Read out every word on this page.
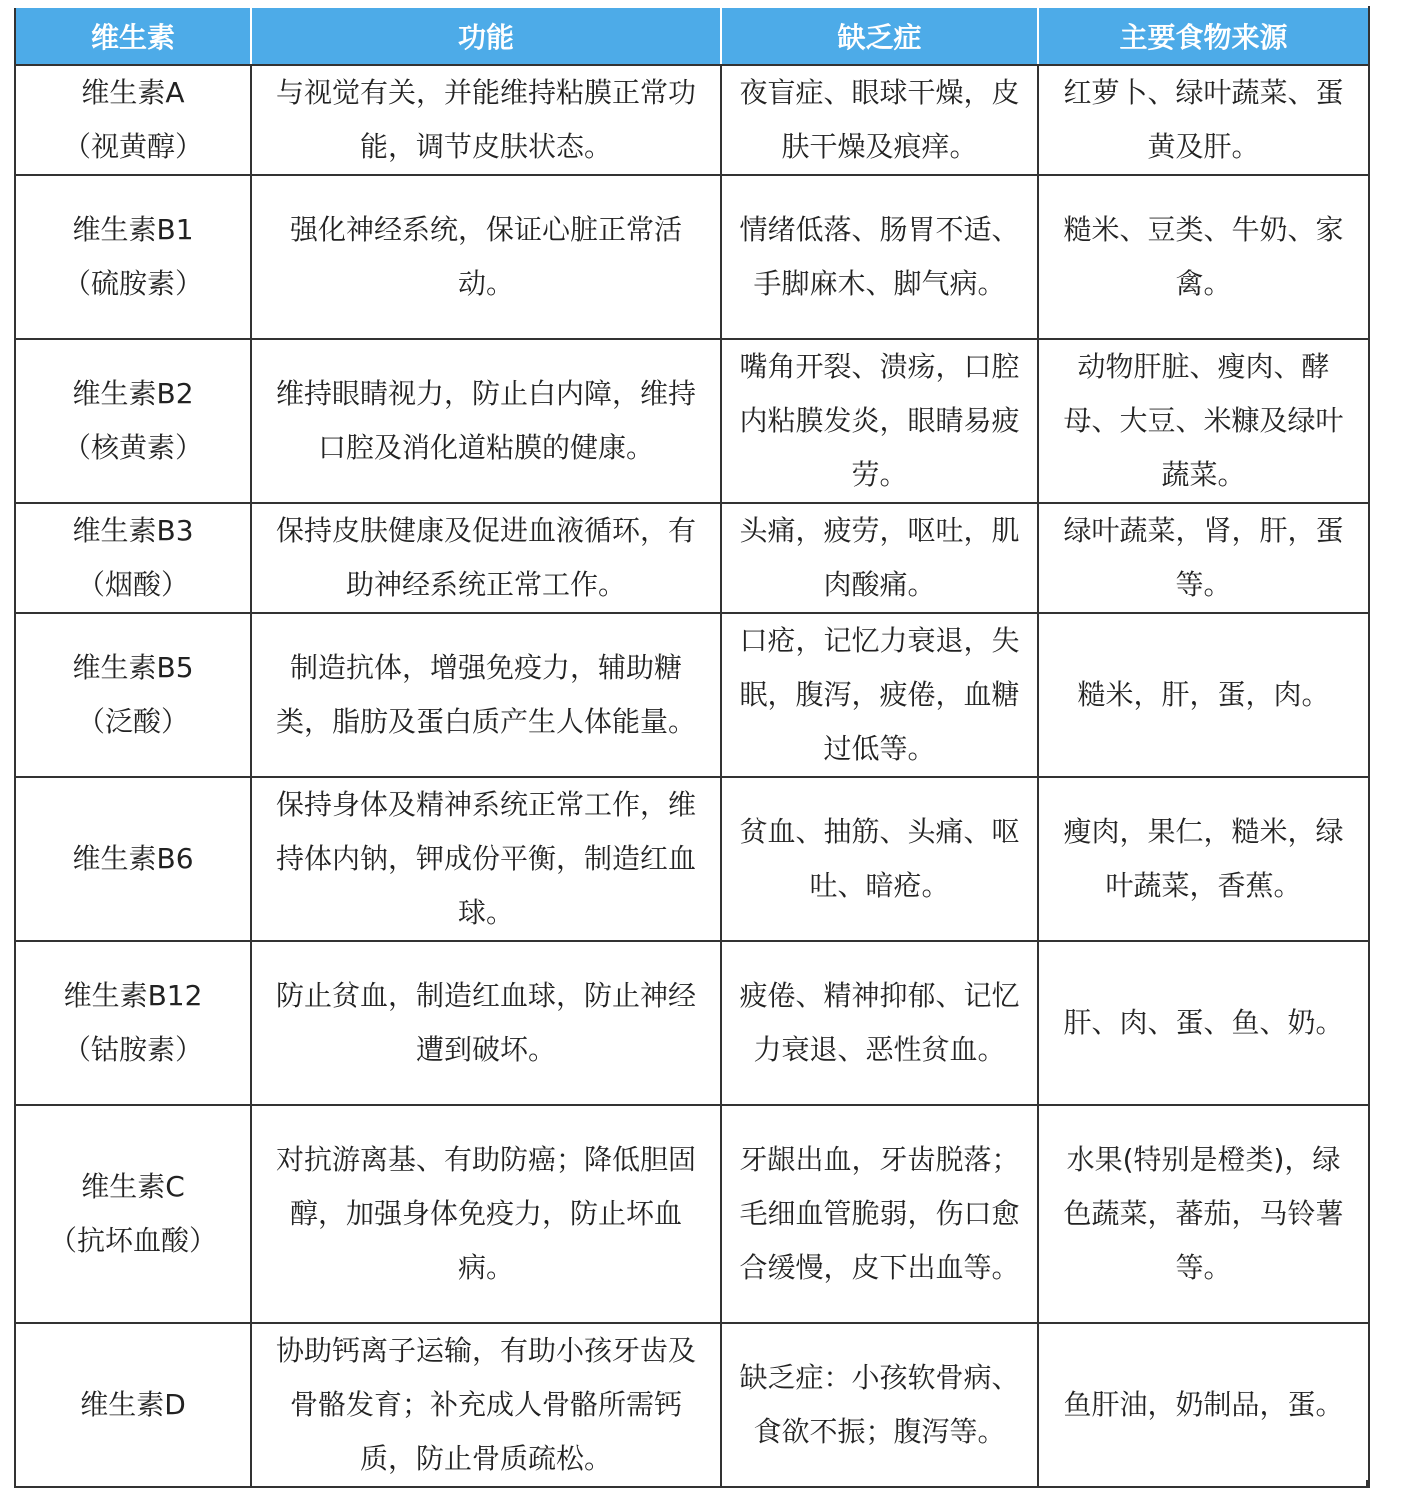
维生素	功能	缺乏症	主要食物来源

维生素A
（视黄醇）	与视觉有关，并能维持粘膜正常功能，调节皮肤状态。	夜盲症、眼球干燥，皮肤干燥及痕痒。	红萝卜、绿叶蔬菜、蛋黄及肝。

维生素B1
（硫胺素）	强化神经系统，保证心脏正常活动。	情绪低落、肠胃不适、手脚麻木、脚气病。	糙米、豆类、牛奶、家禽。

维生素B2
（核黄素）	维持眼睛视力，防止白内障，维持口腔及消化道粘膜的健康。	嘴角开裂、溃疡，口腔内粘膜发炎，眼睛易疲劳。	动物肝脏、瘦肉、酵母、大豆、米糠及绿叶蔬菜。

维生素B3
（烟酸）	保持皮肤健康及促进血液循环，有助神经系统正常工作。	头痛，疲劳，呕吐，肌肉酸痛。	绿叶蔬菜，肾，肝，蛋等。

维生素B5
（泛酸）	制造抗体，增强免疫力，辅助糖类，脂肪及蛋白质产生人体能量。	口疮，记忆力衰退，失眠，腹泻，疲倦，血糖过低等。	糙米，肝，蛋，肉。

维生素B6	保持身体及精神系统正常工作，维持体内钠，钾成份平衡，制造红血球。	贫血、抽筋、头痛、呕吐、暗疮。	瘦肉，果仁，糙米，绿叶蔬菜，香蕉。

维生素B12
（钴胺素）	防止贫血，制造红血球，防止神经遭到破坏。	疲倦、精神抑郁、记忆力衰退、恶性贫血。	肝、肉、蛋、鱼、奶。

维生素C
（抗坏血酸）	对抗游离基、有助防癌；降低胆固醇，加强身体免疫力，防止坏血病。	牙龈出血，牙齿脱落；毛细血管脆弱，伤口愈合缓慢，皮下出血等。	水果(特别是橙类)，绿色蔬菜，蕃茄，马铃薯等。

维生素D	协助钙离子运输，有助小孩牙齿及骨骼发育；补充成人骨骼所需钙质，防止骨质疏松。	缺乏症：小孩软骨病、食欲不振；腹泻等。	鱼肝油，奶制品，蛋。
